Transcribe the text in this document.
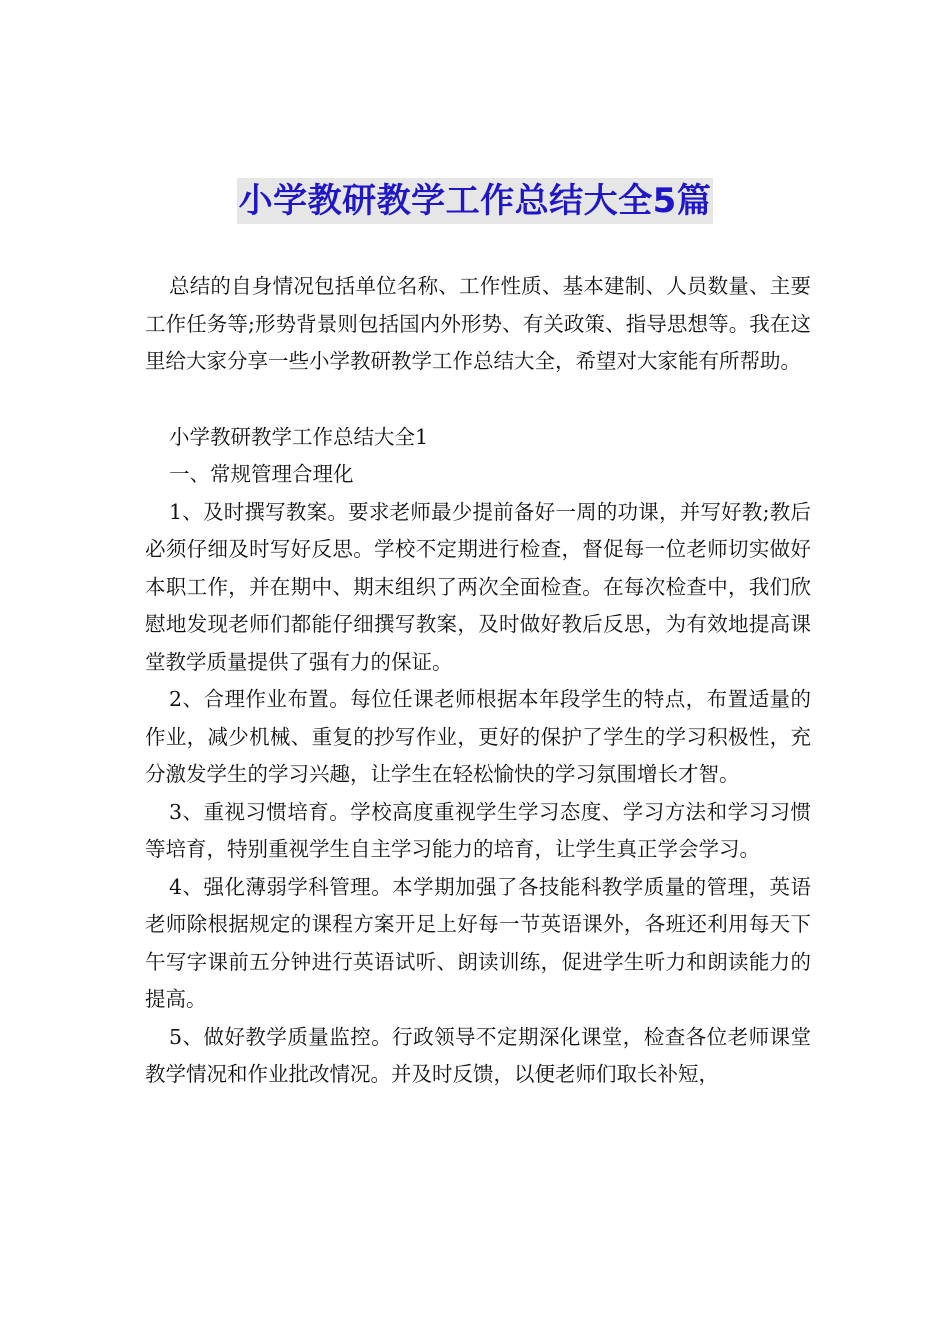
小学教研教学工作总结大全5篇

总结的自身情况包括单位名称、工作性质、基本建制、人员数量、主要工作任务等;形势背景则包括国内外形势、有关政策、指导思想等。我在这里给大家分享一些小学教研教学工作总结大全，希望对大家能有所帮助。

小学教研教学工作总结大全1

一、常规管理合理化

1、及时撰写教案。要求老师最少提前备好一周的功课，并写好教;教后必须仔细及时写好反思。学校不定期进行检查，督促每一位老师切实做好本职工作，并在期中、期末组织了两次全面检查。在每次检查中，我们欣慰地发现老师们都能仔细撰写教案，及时做好教后反思，为有效地提高课堂教学质量提供了强有力的保证。

2、合理作业布置。每位任课老师根据本年段学生的特点，布置适量的作业，减少机械、重复的抄写作业，更好的保护了学生的学习积极性，充分激发学生的学习兴趣，让学生在轻松愉快的学习氛围增长才智。

3、重视习惯培育。学校高度重视学生学习态度、学习方法和学习习惯等培育，特别重视学生自主学习能力的培育，让学生真正学会学习。

4、强化薄弱学科管理。本学期加强了各技能科教学质量的管理，英语老师除根据规定的课程方案开足上好每一节英语课外，各班还利用每天下午写字课前五分钟进行英语试听、朗读训练，促进学生听力和朗读能力的提高。

5、做好教学质量监控。行政领导不定期深化课堂，检查各位老师课堂教学情况和作业批改情况。并及时反馈，以便老师们取长补短，
